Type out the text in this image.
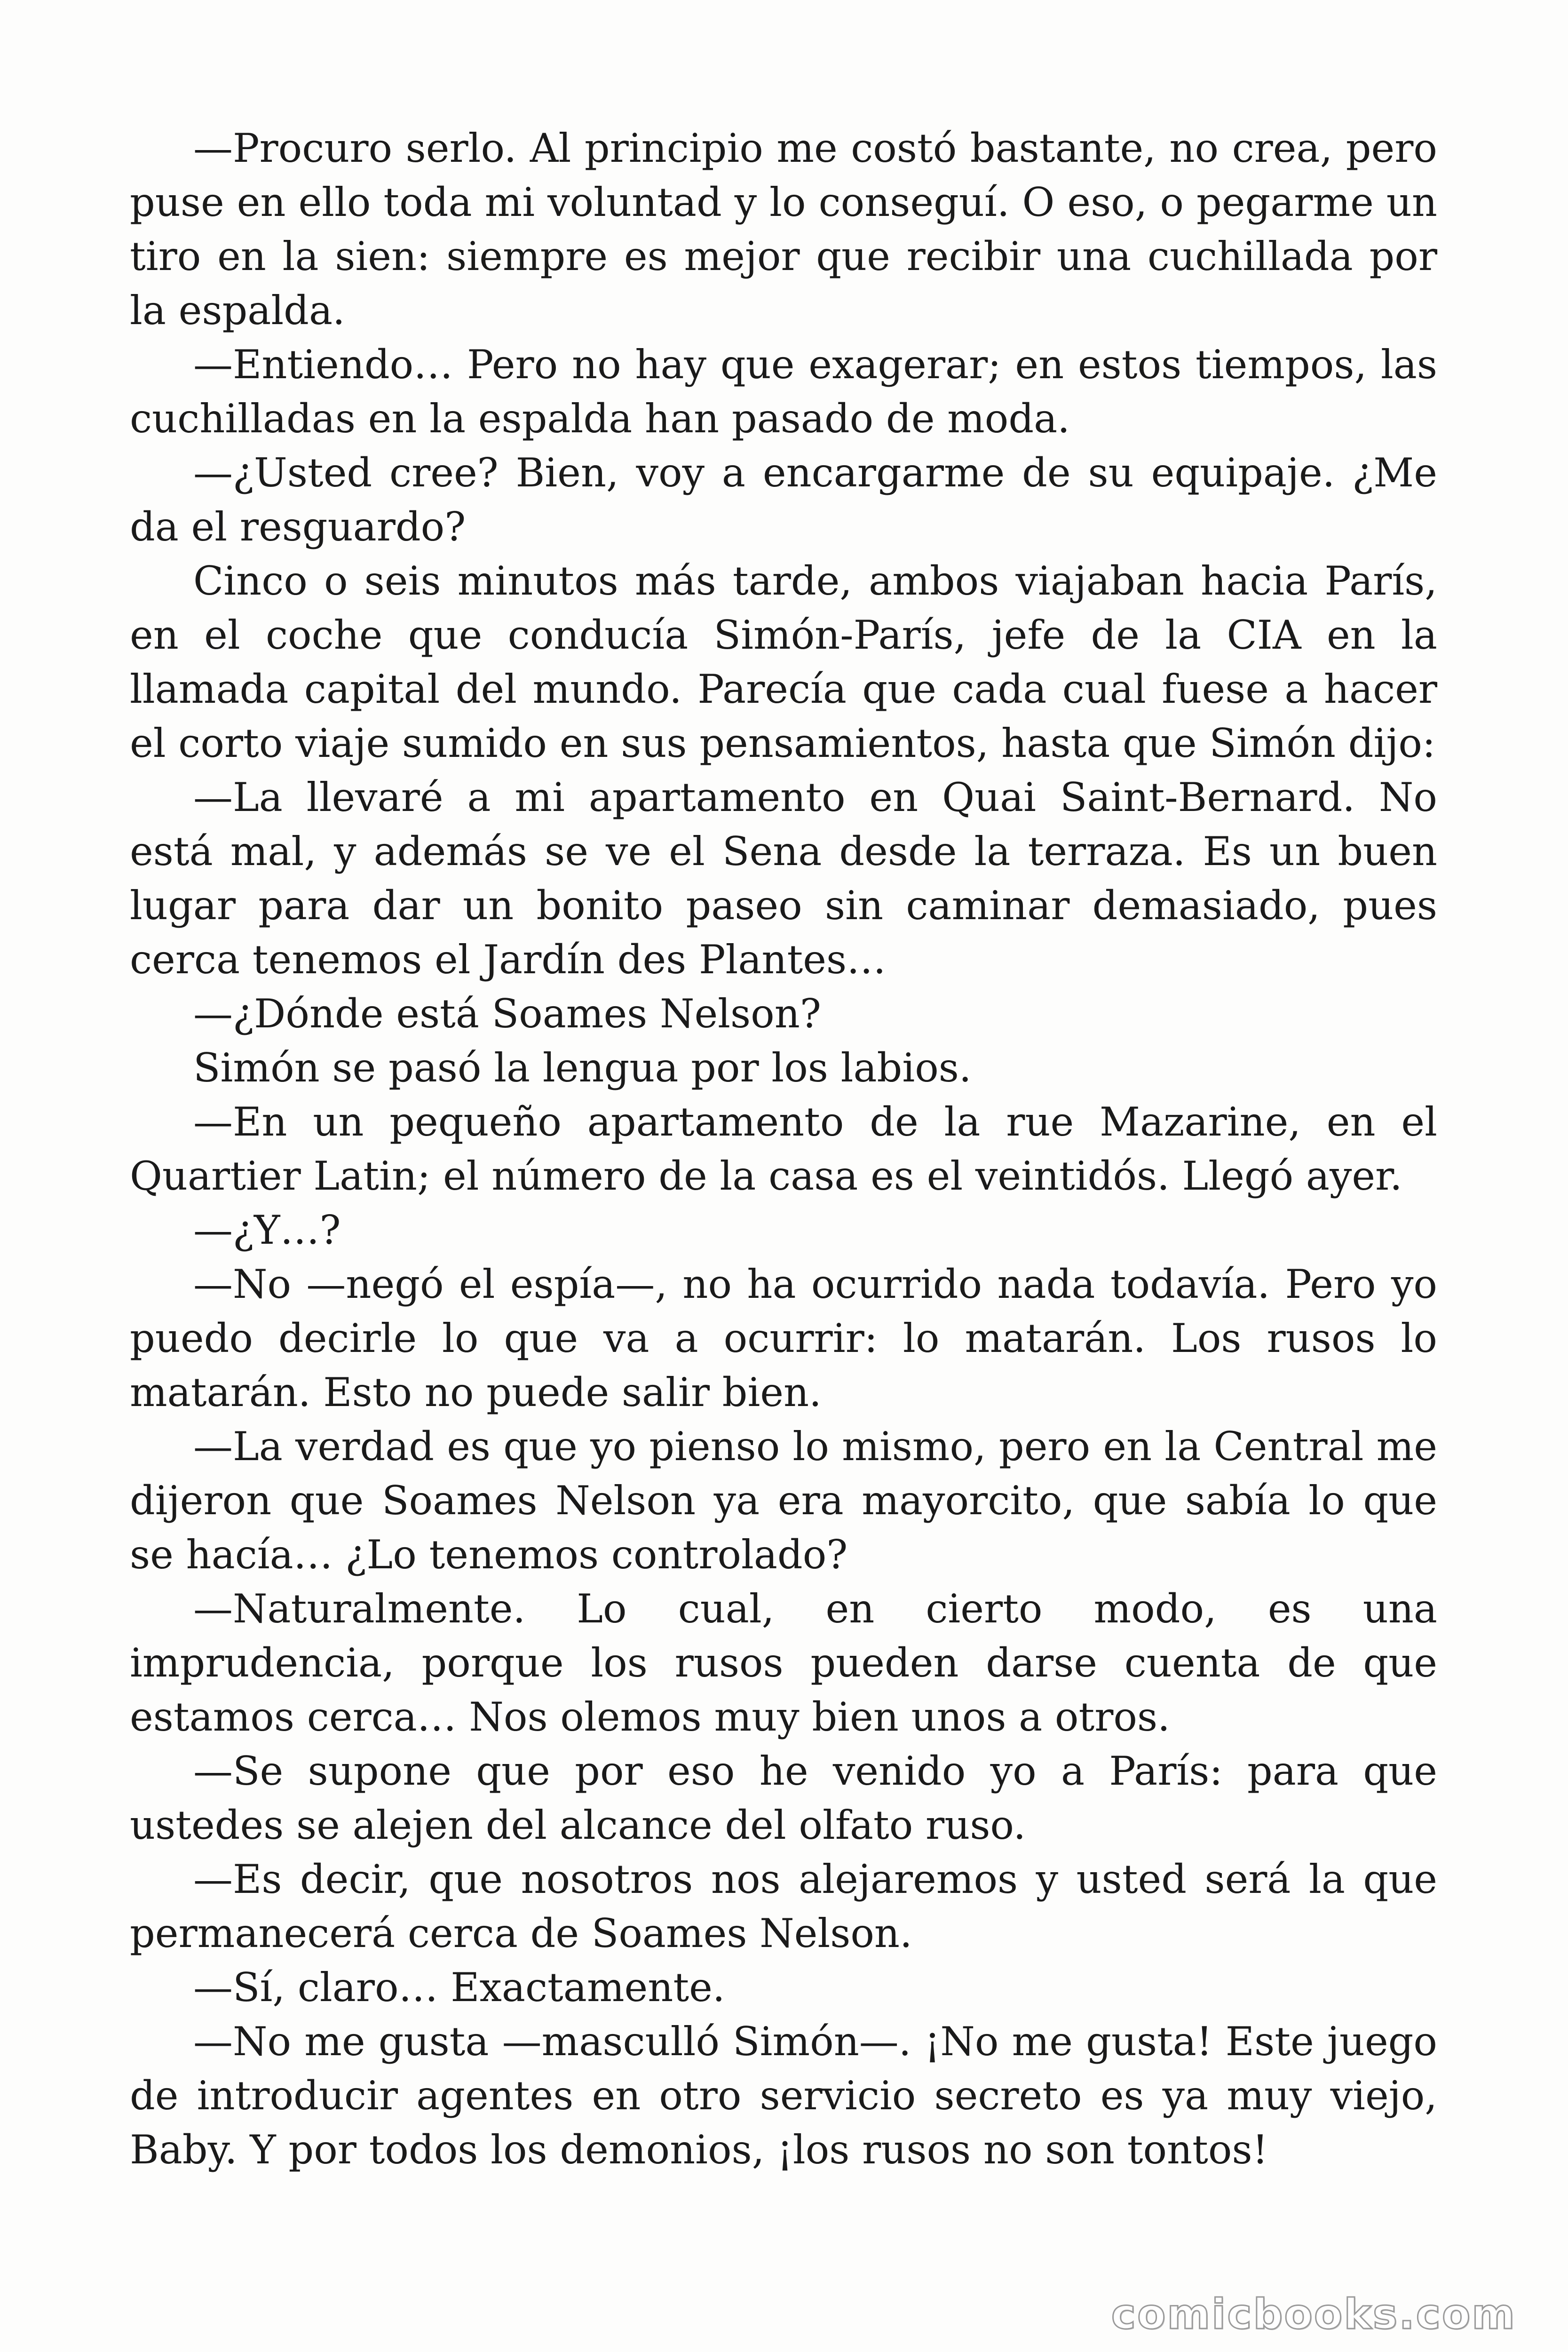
—Procuro serlo. Al principio me costó bastante, no crea, pero puse en ello toda mi voluntad y lo conseguí. O eso, o pegarme un tiro en la sien: siempre es mejor que recibir una cuchillada por la espalda.

—Entiendo… Pero no hay que exagerar; en estos tiempos, las cuchilladas en la espalda han pasado de moda.

—¿Usted cree? Bien, voy a encargarme de su equipaje. ¿Me da el resguardo?

Cinco o seis minutos más tarde, ambos viajaban hacia París, en el coche que conducía Simón-París, jefe de la CIA en la llamada capital del mundo. Parecía que cada cual fuese a hacer el corto viaje sumido en sus pensamientos, hasta que Simón dijo:

—La llevaré a mi apartamento en Quai Saint-Bernard. No está mal, y además se ve el Sena desde la terraza. Es un buen lugar para dar un bonito paseo sin caminar demasiado, pues cerca tenemos el Jardín des Plantes…

—¿Dónde está Soames Nelson?

Simón se pasó la lengua por los labios.

—En un pequeño apartamento de la rue Mazarine, en el Quartier Latin; el número de la casa es el veintidós. Llegó ayer.

—¿Y…?

—No —negó el espía—, no ha ocurrido nada todavía. Pero yo puedo decirle lo que va a ocurrir: lo matarán. Los rusos lo matarán. Esto no puede salir bien.

—La verdad es que yo pienso lo mismo, pero en la Central me dijeron que Soames Nelson ya era mayorcito, que sabía lo que se hacía… ¿Lo tenemos controlado?

—Naturalmente. Lo cual, en cierto modo, es una imprudencia, porque los rusos pueden darse cuenta de que estamos cerca… Nos olemos muy bien unos a otros.

—Se supone que por eso he venido yo a París: para que ustedes se alejen del alcance del olfato ruso.

—Es decir, que nosotros nos alejaremos y usted será la que permanecerá cerca de Soames Nelson.

—Sí, claro… Exactamente.

—No me gusta —masculló Simón—. ¡No me gusta! Este juego de introducir agentes en otro servicio secreto es ya muy viejo, Baby. Y por todos los demonios, ¡los rusos no son tontos!

comicbooks.com
